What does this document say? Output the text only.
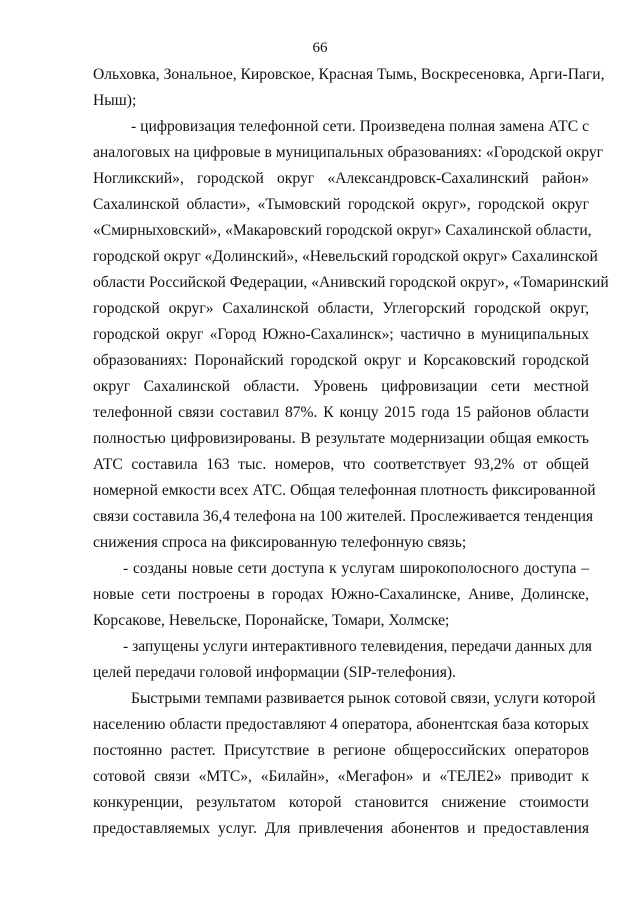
66
Ольховка, Зональное, Кировское, Красная Тымь, Воскресеновка, Арги-Паги,
Ныш);
- цифровизация телефонной сети. Произведена полная замена АТС с
аналоговых на цифровые в муниципальных образованиях: «Городской округ
Ногликский», городской округ «Александровск-Сахалинский район»
Сахалинской области», «Тымовский городской округ», городской округ
«Смирныховский», «Макаровский городской округ» Сахалинской области,
городской округ «Долинский», «Невельский городской округ» Сахалинской
области Российской Федерации, «Анивский городской округ», «Томаринский
городской округ» Сахалинской области, Углегорский городской округ,
городской округ «Город Южно-Сахалинск»; частично в муниципальных
образованиях: Поронайский городской округ и Корсаковский городской
округ Сахалинской области. Уровень цифровизации сети местной
телефонной связи составил 87%. К концу 2015 года 15 районов области
полностью цифровизированы. В результате модернизации общая емкость
АТС составила 163 тыс. номеров, что соответствует 93,2% от общей
номерной емкости всех АТС. Общая телефонная плотность фиксированной
связи составила 36,4 телефона на 100 жителей. Прослеживается тенденция
снижения спроса на фиксированную телефонную связь;
- созданы новые сети доступа к услугам широкополосного доступа –
новые сети построены в городах Южно-Сахалинске, Аниве, Долинске,
Корсакове, Невельске, Поронайске, Томари, Холмске;
- запущены услуги интерактивного телевидения, передачи данных для
целей передачи головой информации (SIP-телефония).
Быстрыми темпами развивается рынок сотовой связи, услуги которой
населению области предоставляют 4 оператора, абонентская база которых
постоянно растет. Присутствие в регионе общероссийских операторов
сотовой связи «МТС», «Билайн», «Мегафон» и «ТЕЛЕ2» приводит к
конкуренции, результатом которой становится снижение стоимости
предоставляемых услуг. Для привлечения абонентов и предоставления
